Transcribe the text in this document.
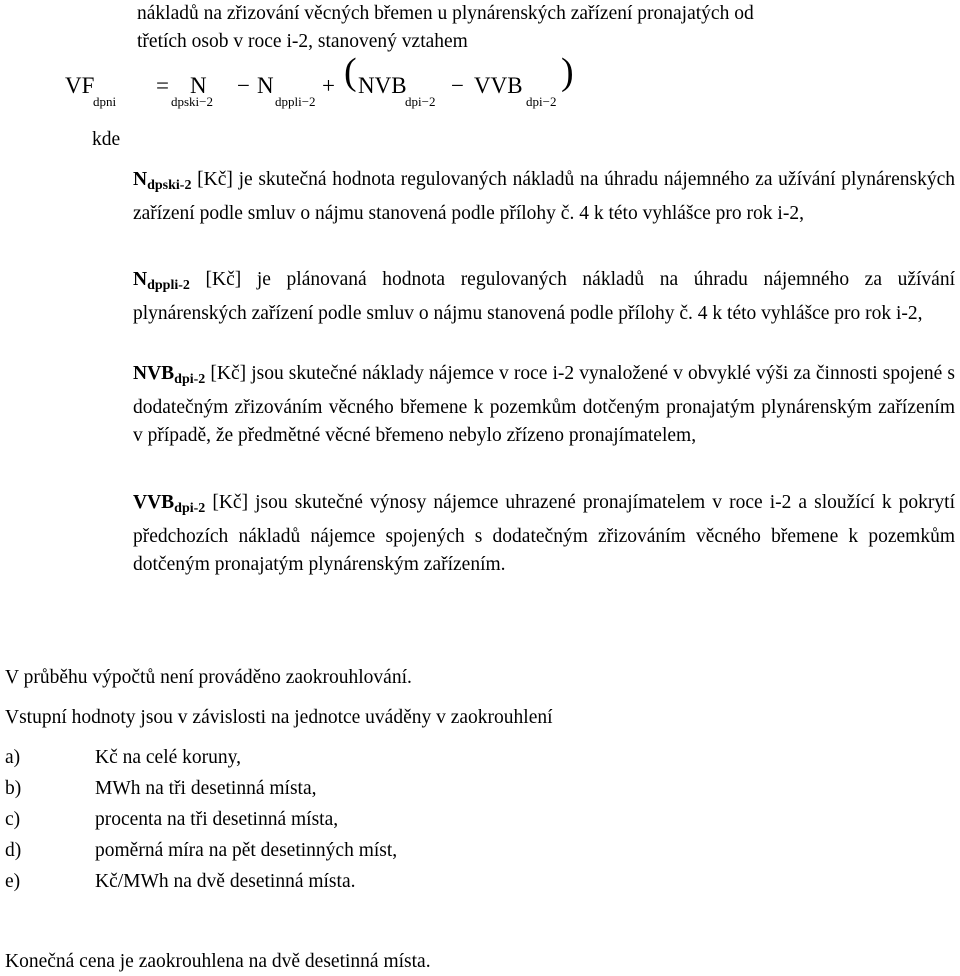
nákladů na zřizování věcných břemen u plynárenských zařízení pronajatých od
třetích osob v roce i-2, stanovený vztahem
VF
dpni
= N
dpski−2
− N
dppli−2
+ ( NVB
dpi−2
− VVB
dpi−2
)
kde

$N_{dpski-2}$ [Kč] je skutečná hodnota regulovaných nákladů na úhradu nájemného za užívání plynárenských zařízení podle smluv o nájmu stanovená podle přílohy č. 4 k této vyhlášce pro rok i-2,

$N_{dppli-2}$ [Kč] je plánovaná hodnota regulovaných nákladů na úhradu nájemného za užívání plynárenských zařízení podle smluv o nájmu stanovená podle přílohy č. 4 k této vyhlášce pro rok i-2,

$NVB_{dpi-2}$ [Kč] jsou skutečné náklady nájemce v roce i-2 vynaložené v obvyklé výši za činnosti spojené s dodatečným zřizováním věcného břemene k pozemkům dotčeným pronajatým plynárenským zařízením v případě, že předmětné věcné břemeno nebylo zřízeno pronajímatelem,

$VVB_{dpi-2}$ [Kč] jsou skutečné výnosy nájemce uhrazené pronajímatelem v roce i-2 a sloužící k pokrytí předchozích nákladů nájemce spojených s dodatečným zřizováním věcného břemene k pozemkům dotčeným pronajatým plynárenským zařízením.

V průběhu výpočtů není prováděno zaokrouhlování.
Vstupní hodnoty jsou v závislosti na jednotce uváděny v zaokrouhlení
a)	Kč na celé koruny,
b)	MWh na tři desetinná místa,
c)	procenta na tři desetinná místa,
d)	poměrná míra na pět desetinných míst,
e)	Kč/MWh na dvě desetinná místa.
Konečná cena je zaokrouhlena na dvě desetinná místa.
